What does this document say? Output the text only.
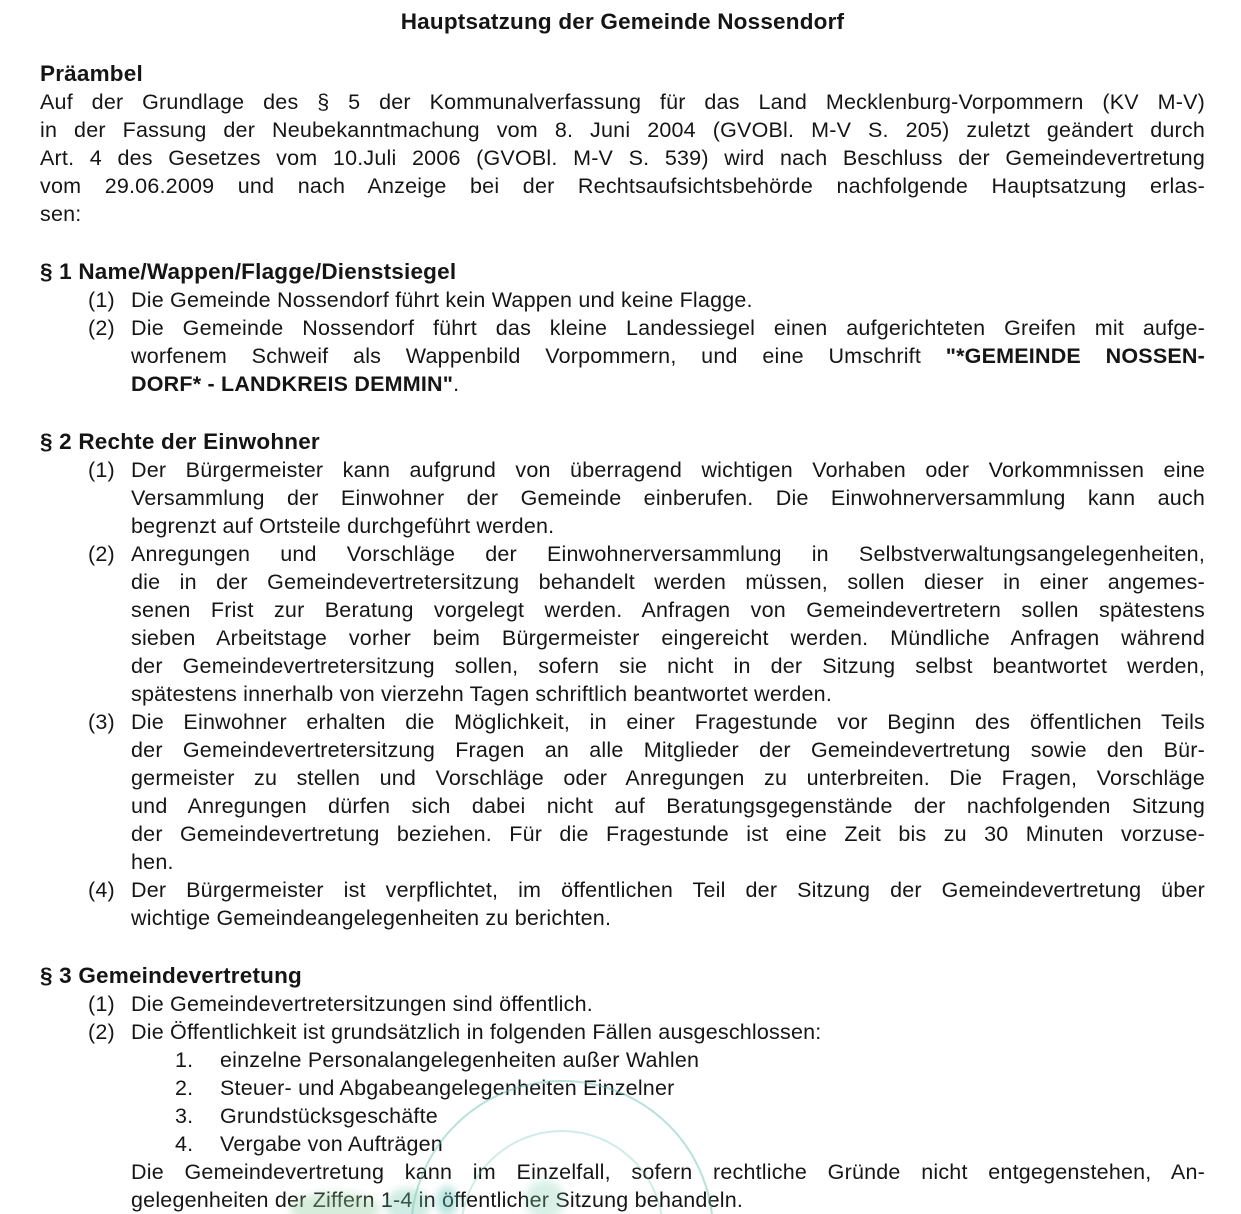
Hauptsatzung der Gemeinde Nossendorf
Präambel
Auf der Grundlage des § 5 der Kommunalverfassung für das Land Mecklenburg-Vorpommern (KV M-V)
in der Fassung der Neubekanntmachung vom 8. Juni 2004 (GVOBl. M-V S. 205) zuletzt geändert durch
Art. 4 des Gesetzes vom 10.Juli 2006 (GVOBl. M-V S. 539) wird nach Beschluss der Gemeindevertretung
vom 29.06.2009 und nach Anzeige bei der Rechtsaufsichtsbehörde nachfolgende Hauptsatzung erlas-
sen:
§ 1 Name/Wappen/Flagge/Dienstsiegel
(1) Die Gemeinde Nossendorf führt kein Wappen und keine Flagge.
(2) Die Gemeinde Nossendorf führt das kleine Landessiegel einen aufgerichteten Greifen mit aufge-
worfenem Schweif als Wappenbild Vorpommern, und eine Umschrift "*GEMEINDE NOSSEN-
DORF* - LANDKREIS DEMMIN".
§ 2 Rechte der Einwohner
(1) Der Bürgermeister kann aufgrund von überragend wichtigen Vorhaben oder Vorkommnissen eine
Versammlung der Einwohner der Gemeinde einberufen. Die Einwohnerversammlung kann auch
begrenzt auf Ortsteile durchgeführt werden.
(2) Anregungen und Vorschläge der Einwohnerversammlung in Selbstverwaltungsangelegenheiten,
die in der Gemeindevertretersitzung behandelt werden müssen, sollen dieser in einer angemes-
senen Frist zur Beratung vorgelegt werden. Anfragen von Gemeindevertretern sollen spätestens
sieben Arbeitstage vorher beim Bürgermeister eingereicht werden. Mündliche Anfragen während
der Gemeindevertretersitzung sollen, sofern sie nicht in der Sitzung selbst beantwortet werden,
spätestens innerhalb von vierzehn Tagen schriftlich beantwortet werden.
(3) Die Einwohner erhalten die Möglichkeit, in einer Fragestunde vor Beginn des öffentlichen Teils
der Gemeindevertretersitzung Fragen an alle Mitglieder der Gemeindevertretung sowie den Bür-
germeister zu stellen und Vorschläge oder Anregungen zu unterbreiten. Die Fragen, Vorschläge
und Anregungen dürfen sich dabei nicht auf Beratungsgegenstände der nachfolgenden Sitzung
der Gemeindevertretung beziehen. Für die Fragestunde ist eine Zeit bis zu 30 Minuten vorzuse-
hen.
(4) Der Bürgermeister ist verpflichtet, im öffentlichen Teil der Sitzung der Gemeindevertretung über
wichtige Gemeindeangelegenheiten zu berichten.
§ 3 Gemeindevertretung
(1) Die Gemeindevertretersitzungen sind öffentlich.
(2) Die Öffentlichkeit ist grundsätzlich in folgenden Fällen ausgeschlossen:
1. einzelne Personalangelegenheiten außer Wahlen
2. Steuer- und Abgabeangelegenheiten Einzelner
3. Grundstücksgeschäfte
4. Vergabe von Aufträgen
Die Gemeindevertretung kann im Einzelfall, sofern rechtliche Gründe nicht entgegenstehen, An-
gelegenheiten der Ziffern 1-4 in öffentlicher Sitzung behandeln.
